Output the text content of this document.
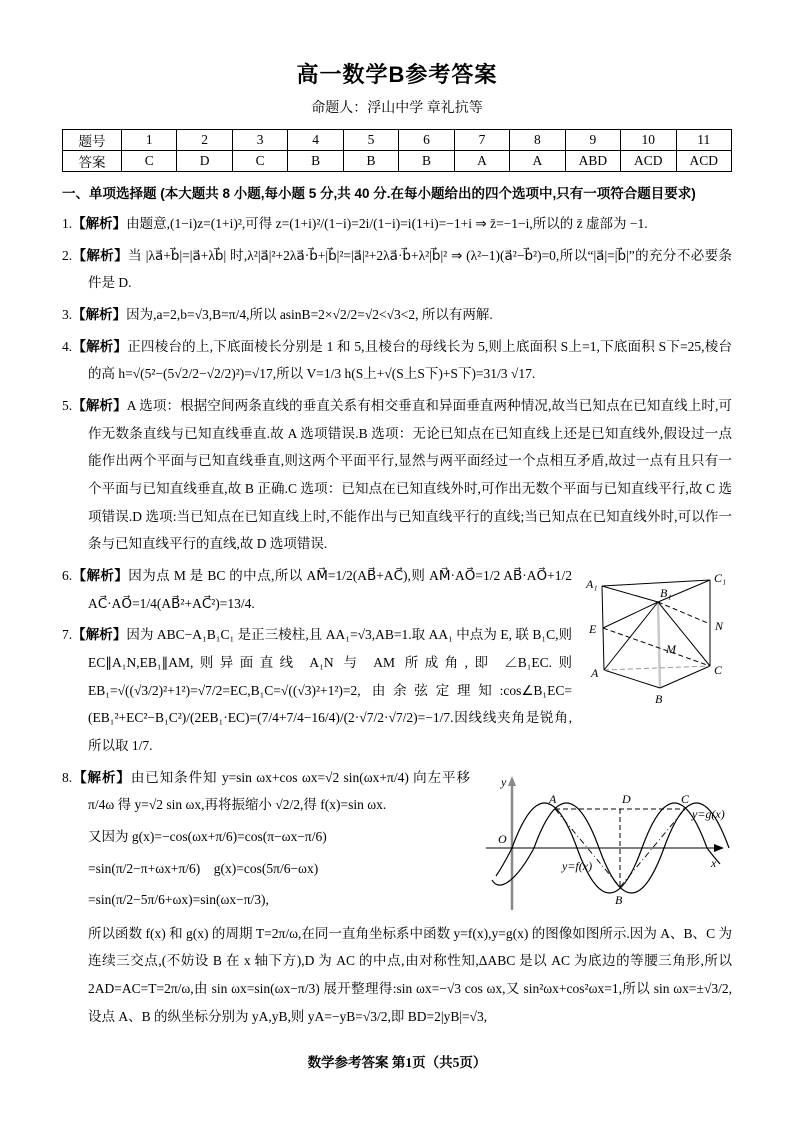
高一数学B参考答案
命题人：浮山中学 章礼抗等
题号	1	2	3	4	5	6	7	8	9	10	11
答案	C	D	C	B	B	B	A	A	ABD	ACD	ACD
一、单项选择题 (本大题共 8 小题,每小题 5 分,共 40 分.在每小题给出的四个选项中,只有一项符合题目要求)
1.【解析】由题意,(1−i)z=(1+i)²,可得 z=(1+i)²/(1−i)=2i/(1−i)=i(1+i)=−1+i ⇒ z̄=−1−i,所以的 z̄ 虚部为 −1.
2.【解析】当 |λa⃗+b⃗|=|a⃗+λb⃗| 时,λ²|a⃗|²+2λa⃗·b⃗+|b⃗|²=|a⃗|²+2λa⃗·b⃗+λ²|b⃗|² ⇒ (λ²−1)(a⃗²−b⃗²)=0,所以“|a⃗|=|b⃗|”的充分不必要条件是 D.
3.【解析】因为,a=2,b=√3,B=π/4,所以 asinB=2×√2/2=√2<√3<2, 所以有两解.
4.【解析】正四棱台的上,下底面棱长分别是 1 和 5,且棱台的母线长为 5,则上底面积 S上=1,下底面积 S下=25,棱台的高 h=√(5²−(5√2/2−√2/2)²)=√17,所以 V=1/3 h(S上+√(S上S下)+S下)=31/3 √17.
5.【解析】A 选项：根据空间两条直线的垂直关系有相交垂直和异面垂直两种情况,故当已知点在已知直线上时,可作无数条直线与已知直线垂直.故 A 选项错误.B 选项：无论已知点在已知直线上还是已知直线外,假设过一点能作出两个平面与已知直线垂直,则这两个平面平行,显然与两平面经过一个点相互矛盾,故过一点有且只有一个平面与已知直线垂直,故 B 正确.C 选项：已知点在已知直线外时,可作出无数个平面与已知直线平行,故 C 选项错误.D 选项:当已知点在已知直线上时,不能作出与已知直线平行的直线;当已知点在已知直线外时,可以作一条与已知直线平行的直线,故 D 选项错误.
A₁	C₁
B₁
E	N
M
A	C
B
6.【解析】因为点 M 是 BC 的中点,所以 AM⃗=1/2(AB⃗+AC⃗),则 AM⃗·AO⃗=1/2 AB⃗·AO⃗+1/2 AC⃗·AO⃗=1/4(AB⃗²+AC⃗²)=13/4.
7.【解析】因为 ABC−A₁B₁C₁ 是正三棱柱,且 AA₁=√3,AB=1.取 AA₁ 中点为 E, 联 B₁C,则 EC∥A₁N,EB₁∥AM,则异面直线 A₁N 与 AM 所成角,即 ∠B₁EC.则 EB₁=√((√3/2)²+1²)=√7/2=EC,B₁C=√((√3)²+1²)=2, 由余弦定理知:cos∠B₁EC=(EB₁²+EC²−B₁C²)/(2EB₁·EC)=(7/4+7/4−16/4)/(2·√7/2·√7/2)=−1/7.因线线夹角是锐角,所以取 1/7.
y
x
O
A	D	C
B
y=f(x)
y=g(x)
8.【解析】由已知条件知 y=sin ωx+cos ωx=√2 sin(ωx+π/4) 向左平移 π/4ω 得 y=√2 sin ωx,再将振缩小 √2/2,得 f(x)=sin ωx.
又因为 g(x)=−cos(ωx+π/6)=cos(π−ωx−π/6)
=sin(π/2−π+ωx+π/6)　g(x)=cos(5π/6−ωx)
=sin(π/2−5π/6+ωx)=sin(ωx−π/3),
所以函数 f(x) 和 g(x) 的周期 T=2π/ω,在同一直角坐标系中函数 y=f(x),y=g(x) 的图像如图所示.因为 A、B、C 为连续三交点,(不妨设 B 在 x 轴下方),D 为 AC 的中点,由对称性知,ΔABC 是以 AC 为底边的等腰三角形,所以 2AD=AC=T=2π/ω,由 sin ωx=sin(ωx−π/3) 展开整理得:sin ωx=−√3 cos ωx,又 sin²ωx+cos²ωx=1,所以 sin ωx=±√3/2,设点 A、B 的纵坐标分别为 yA,yB,则 yA=−yB=√3/2,即 BD=2|yB|=√3,
数学参考答案 第1页（共5页）
